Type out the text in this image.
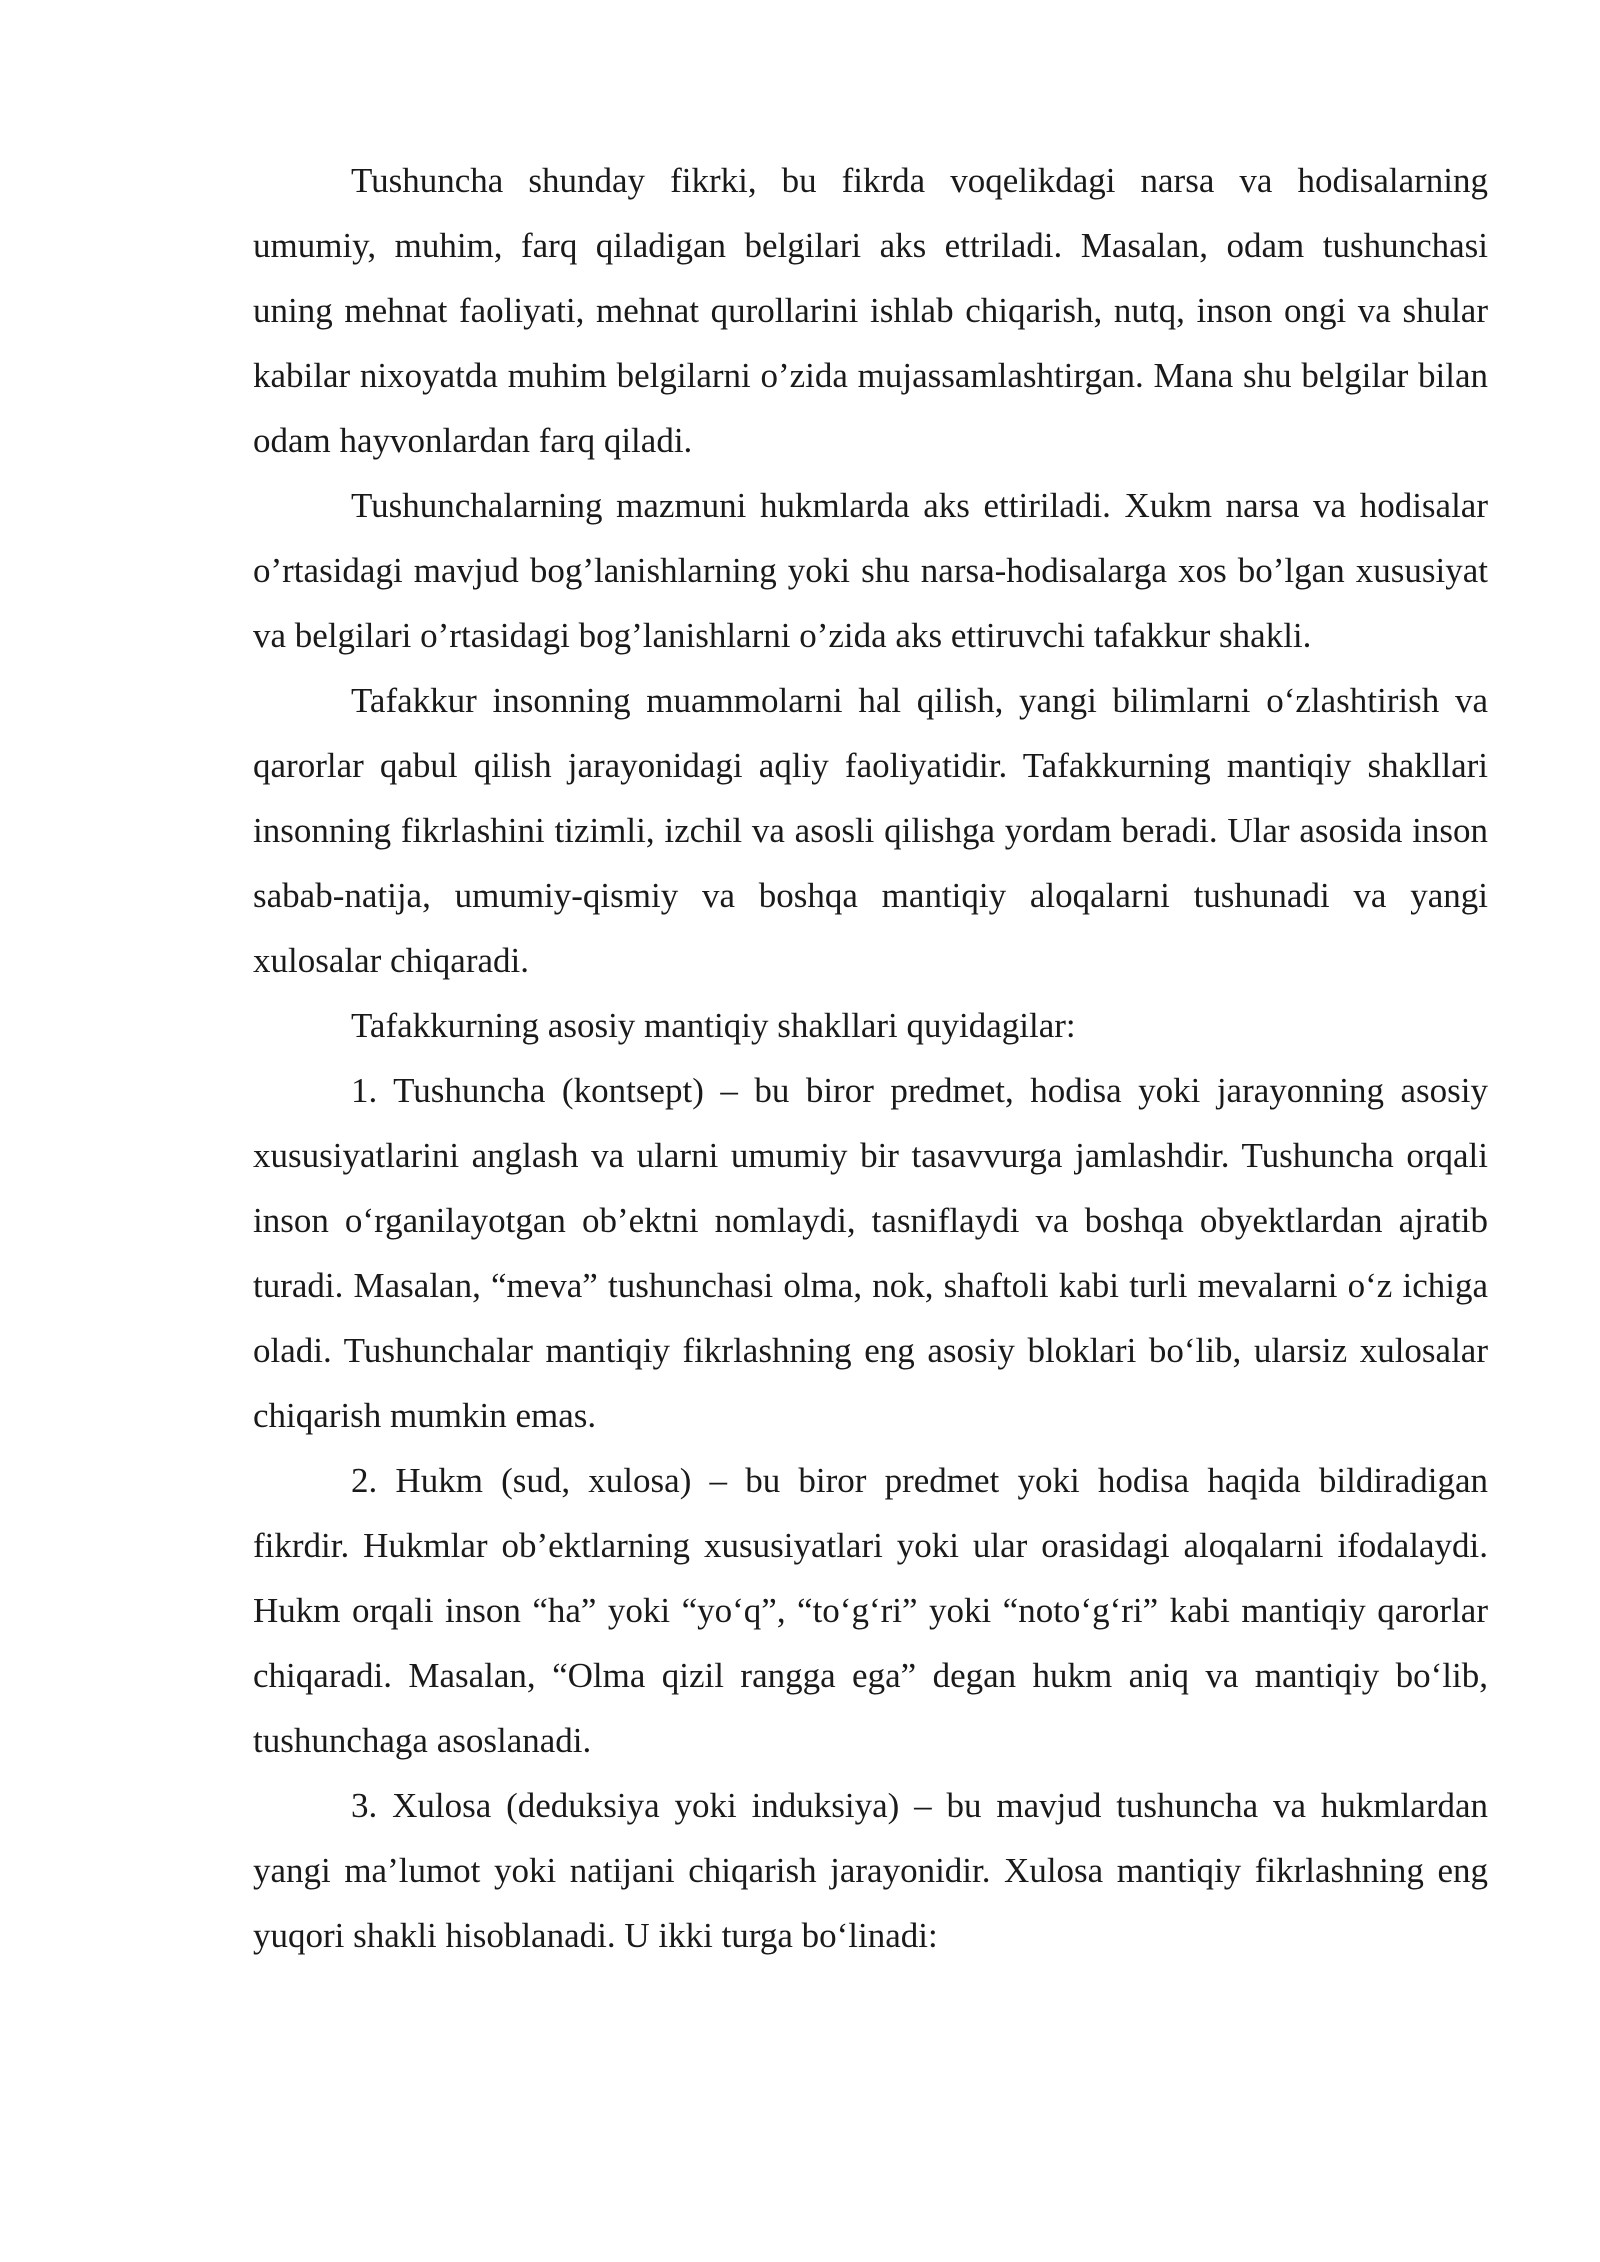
Tushuncha shunday fikrki, bu fikrda voqelikdagi narsa va hodisalarning umumiy, muhim, farq qiladigan belgilari aks ettriladi. Masalan, odam tushunchasi uning mehnat faoliyati, mehnat qurollarini ishlab chiqarish, nutq, inson ongi va shular kabilar nixoyatda muhim belgilarni o’zida mujassamlashtirgan. Mana shu belgilar bilan odam hayvonlardan farq qiladi.

Tushunchalarning mazmuni hukmlarda aks ettiriladi. Xukm narsa va hodisalar o’rtasidagi mavjud bog’lanishlarning yoki shu narsa-hodisalarga xos bo’lgan xususiyat va belgilari o’rtasidagi bog’lanishlarni o’zida aks ettiruvchi tafakkur shakli.

Tafakkur insonning muammolarni hal qilish, yangi bilimlarni o‘zlashtirish va qarorlar qabul qilish jarayonidagi aqliy faoliyatidir. Tafakkurning mantiqiy shakllari insonning fikrlashini tizimli, izchil va asosli qilishga yordam beradi. Ular asosida inson sabab-natija, umumiy-qismiy va boshqa mantiqiy aloqalarni tushunadi va yangi xulosalar chiqaradi.

Tafakkurning asosiy mantiqiy shakllari quyidagilar:

1. Tushuncha (kontsept) – bu biror predmet, hodisa yoki jarayonning asosiy xususiyatlarini anglash va ularni umumiy bir tasavvurga jamlashdir. Tushuncha orqali inson o‘rganilayotgan ob’ektni nomlaydi, tasniflaydi va boshqa obyektlardan ajratib turadi. Masalan, “meva” tushunchasi olma, nok, shaftoli kabi turli mevalarni o‘z ichiga oladi. Tushunchalar mantiqiy fikrlashning eng asosiy bloklari bo‘lib, ularsiz xulosalar chiqarish mumkin emas.

2. Hukm (sud, xulosa) – bu biror predmet yoki hodisa haqida bildiradigan fikrdir. Hukmlar ob’ektlarning xususiyatlari yoki ular orasidagi aloqalarni ifodalaydi. Hukm orqali inson “ha” yoki “yo‘q”, “to‘g‘ri” yoki “noto‘g‘ri” kabi mantiqiy qarorlar chiqaradi. Masalan, “Olma qizil rangga ega” degan hukm aniq va mantiqiy bo‘lib, tushunchaga asoslanadi.

3. Xulosa (deduksiya yoki induksiya) – bu mavjud tushuncha va hukmlardan yangi ma’lumot yoki natijani chiqarish jarayonidir. Xulosa mantiqiy fikrlashning eng yuqori shakli hisoblanadi. U ikki turga bo‘linadi:
